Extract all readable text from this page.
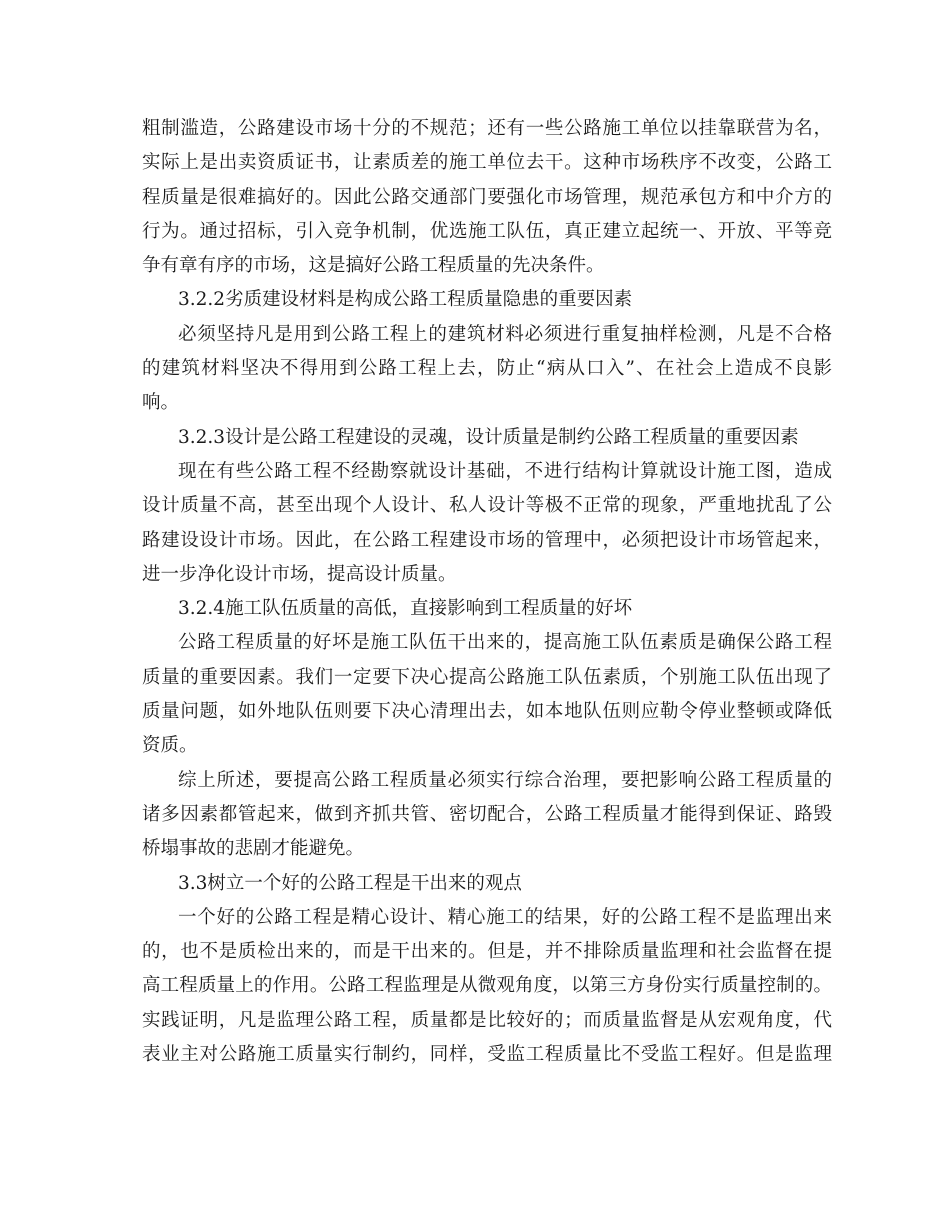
粗制滥造，公路建设市场十分的不规范；还有一些公路施工单位以挂靠联营为名，
实际上是出卖资质证书，让素质差的施工单位去干。这种市场秩序不改变，公路工
程质量是很难搞好的。因此公路交通部门要强化市场管理，规范承包方和中介方的
行为。通过招标，引入竞争机制，优选施工队伍，真正建立起统一、开放、平等竞
争有章有序的市场，这是搞好公路工程质量的先决条件。
3.2.2劣质建设材料是构成公路工程质量隐患的重要因素
必须坚持凡是用到公路工程上的建筑材料必须进行重复抽样检测，凡是不合格
的建筑材料坚决不得用到公路工程上去，防止“病从口入”、在社会上造成不良影
响。
3.2.3设计是公路工程建设的灵魂，设计质量是制约公路工程质量的重要因素
现在有些公路工程不经勘察就设计基础，不进行结构计算就设计施工图，造成
设计质量不高，甚至出现个人设计、私人设计等极不正常的现象，严重地扰乱了公
路建设设计市场。因此，在公路工程建设市场的管理中，必须把设计市场管起来，
进一步净化设计市场，提高设计质量。
3.2.4施工队伍质量的高低，直接影响到工程质量的好坏
公路工程质量的好坏是施工队伍干出来的，提高施工队伍素质是确保公路工程
质量的重要因素。我们一定要下决心提高公路施工队伍素质，个别施工队伍出现了
质量问题，如外地队伍则要下决心清理出去，如本地队伍则应勒令停业整顿或降低
资质。
综上所述，要提高公路工程质量必须实行综合治理，要把影响公路工程质量的
诸多因素都管起来，做到齐抓共管、密切配合，公路工程质量才能得到保证、路毁
桥塌事故的悲剧才能避免。
3.3树立一个好的公路工程是干出来的观点
一个好的公路工程是精心设计、精心施工的结果，好的公路工程不是监理出来
的，也不是质检出来的，而是干出来的。但是，并不排除质量监理和社会监督在提
高工程质量上的作用。公路工程监理是从微观角度，以第三方身份实行质量控制的。
实践证明，凡是监理公路工程，质量都是比较好的；而质量监督是从宏观角度，代
表业主对公路施工质量实行制约，同样，受监工程质量比不受监工程好。但是监理
